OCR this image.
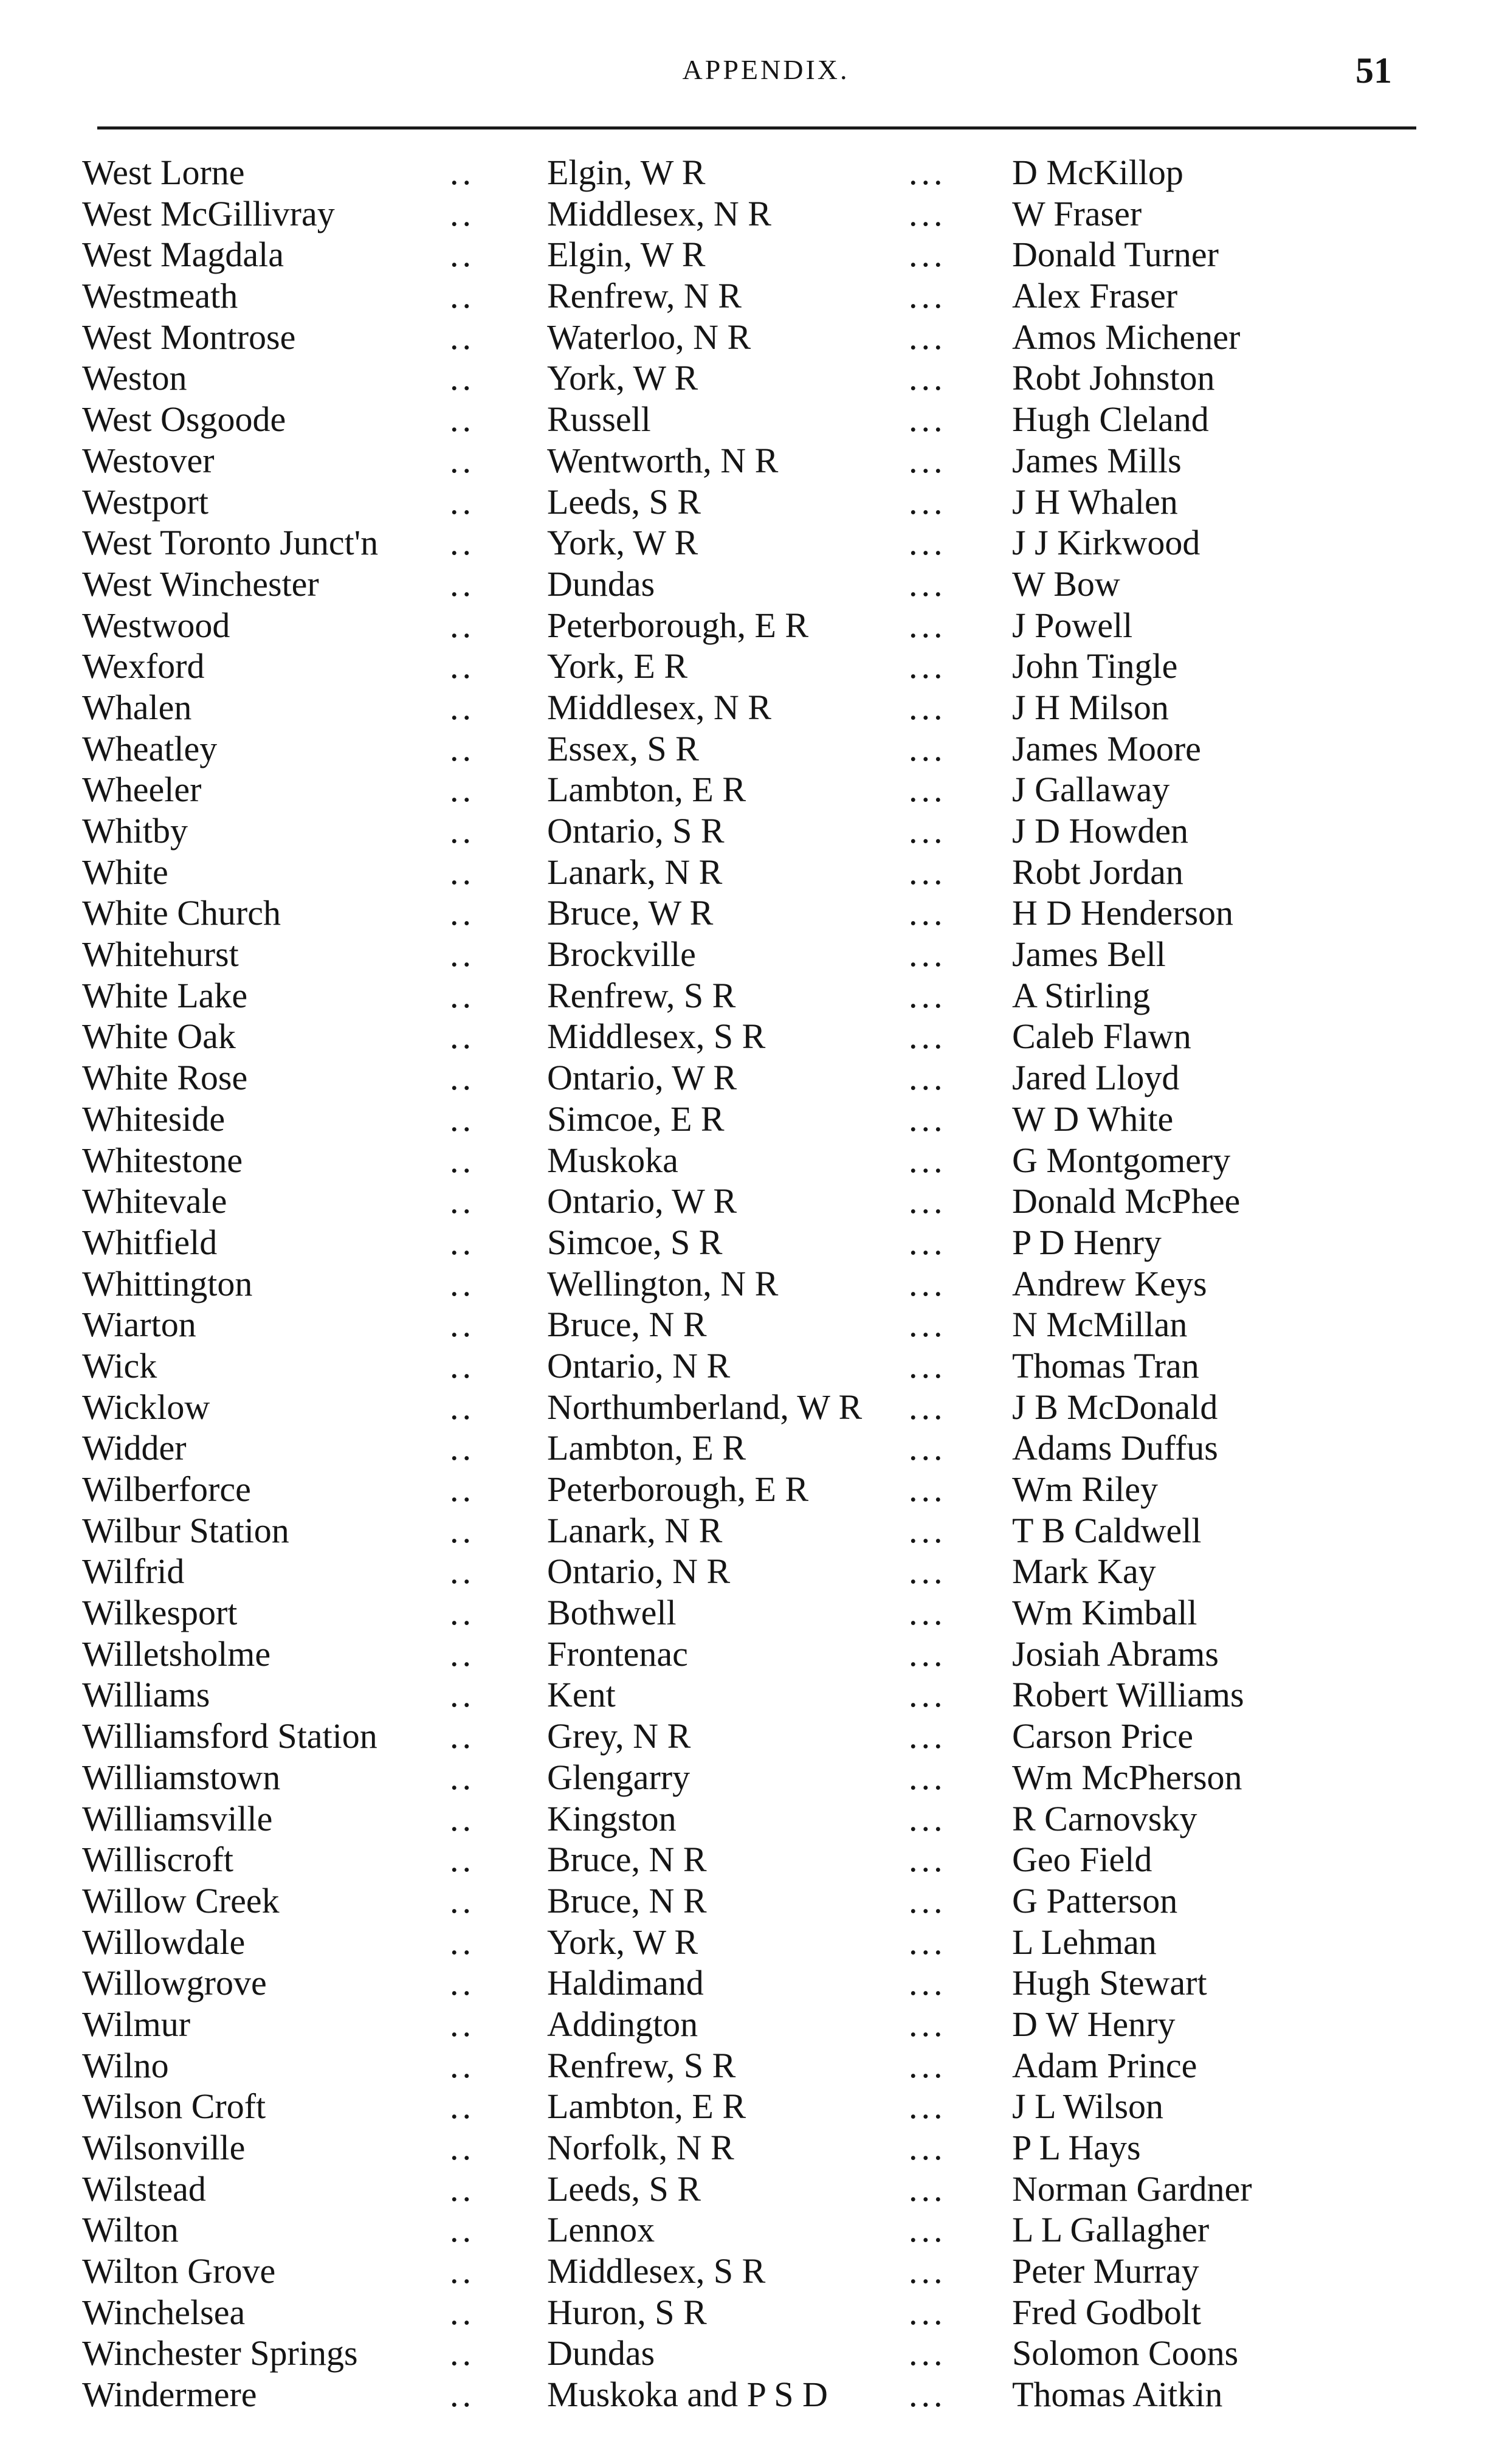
APPENDIX.	51
West Lorne	.. Elgin, W R	... D McKillop
West McGillivray	.. Middlesex, N R	... W Fraser
West Magdala	.. Elgin, W R	... Donald Turner
Westmeath	.. Renfrew, N R	... Alex Fraser
West Montrose	.. Waterloo, N R	... Amos Michener
Weston	.. York, W R	... Robt Johnston
West Osgoode	.. Russell	... Hugh Cleland
Westover	.. Wentworth, N R	... James Mills
Westport	.. Leeds, S R	... J H Whalen
West Toronto Junct'n .. York, W R	... J J Kirkwood
West Winchester	.. Dundas	... W Bow
Westwood	.. Peterborough, E R	... J Powell
Wexford	.. York, E R	... John Tingle
Whalen	.. Middlesex, N R	... J H Milson
Wheatley	.. Essex, S R	... James Moore
Wheeler	.. Lambton, E R	... J Gallaway
Whitby	.. Ontario, S R	... J D Howden
White	.. Lanark, N R	... Robt Jordan
White Church	.. Bruce, W R	... H D Henderson
Whitehurst	.. Brockville	... James Bell
White Lake	.. Renfrew, S R	... A Stirling
White Oak	.. Middlesex, S R	... Caleb Flawn
White Rose	.. Ontario, W R	... Jared Lloyd
Whiteside	.. Simcoe, E R	... W D White
Whitestone	.. Muskoka	... G Montgomery
Whitevale	.. Ontario, W R	... Donald McPhee
Whitfield	.. Simcoe, S R	... P D Henry
Whittington	.. Wellington, N R	... Andrew Keys
Wiarton	.. Bruce, N R	... N McMillan
Wick	.. Ontario, N R	... Thomas Tran
Wicklow	.. Northumberland, W R ... J B McDonald
Widder	.. Lambton, E R	... Adams Duffus
Wilberforce	.. Peterborough, E R	... Wm Riley
Wilbur Station	.. Lanark, N R	... T B Caldwell
Wilfrid	.. Ontario, N R	... Mark Kay
Wilkesport	.. Bothwell	... Wm Kimball
Willetsholme	.. Frontenac	... Josiah Abrams
Williams	.. Kent	... Robert Williams
Williamsford Station .. Grey, N R	... Carson Price
Williamstown	.. Glengarry	... Wm McPherson
Williamsville	.. Kingston	... R Carnovsky
Williscroft	.. Bruce, N R	... Geo Field
Willow Creek	.. Bruce, N R	... G Patterson
Willowdale	.. York, W R	... L Lehman
Willowgrove	.. Haldimand	... Hugh Stewart
Wilmur	.. Addington	... D W Henry
Wilno	.. Renfrew, S R	... Adam Prince
Wilson Croft	.. Lambton, E R	... J L Wilson
Wilsonville	.. Norfolk, N R	... P L Hays
Wilstead	.. Leeds, S R	... Norman Gardner
Wilton	.. Lennox	... L L Gallagher
Wilton Grove	.. Middlesex, S R	... Peter Murray
Winchelsea	.. Huron, S R	... Fred Godbolt
Winchester Springs	.. Dundas	... Solomon Coons
Windermere	.. Muskoka and P S D ... Thomas Aitkin
